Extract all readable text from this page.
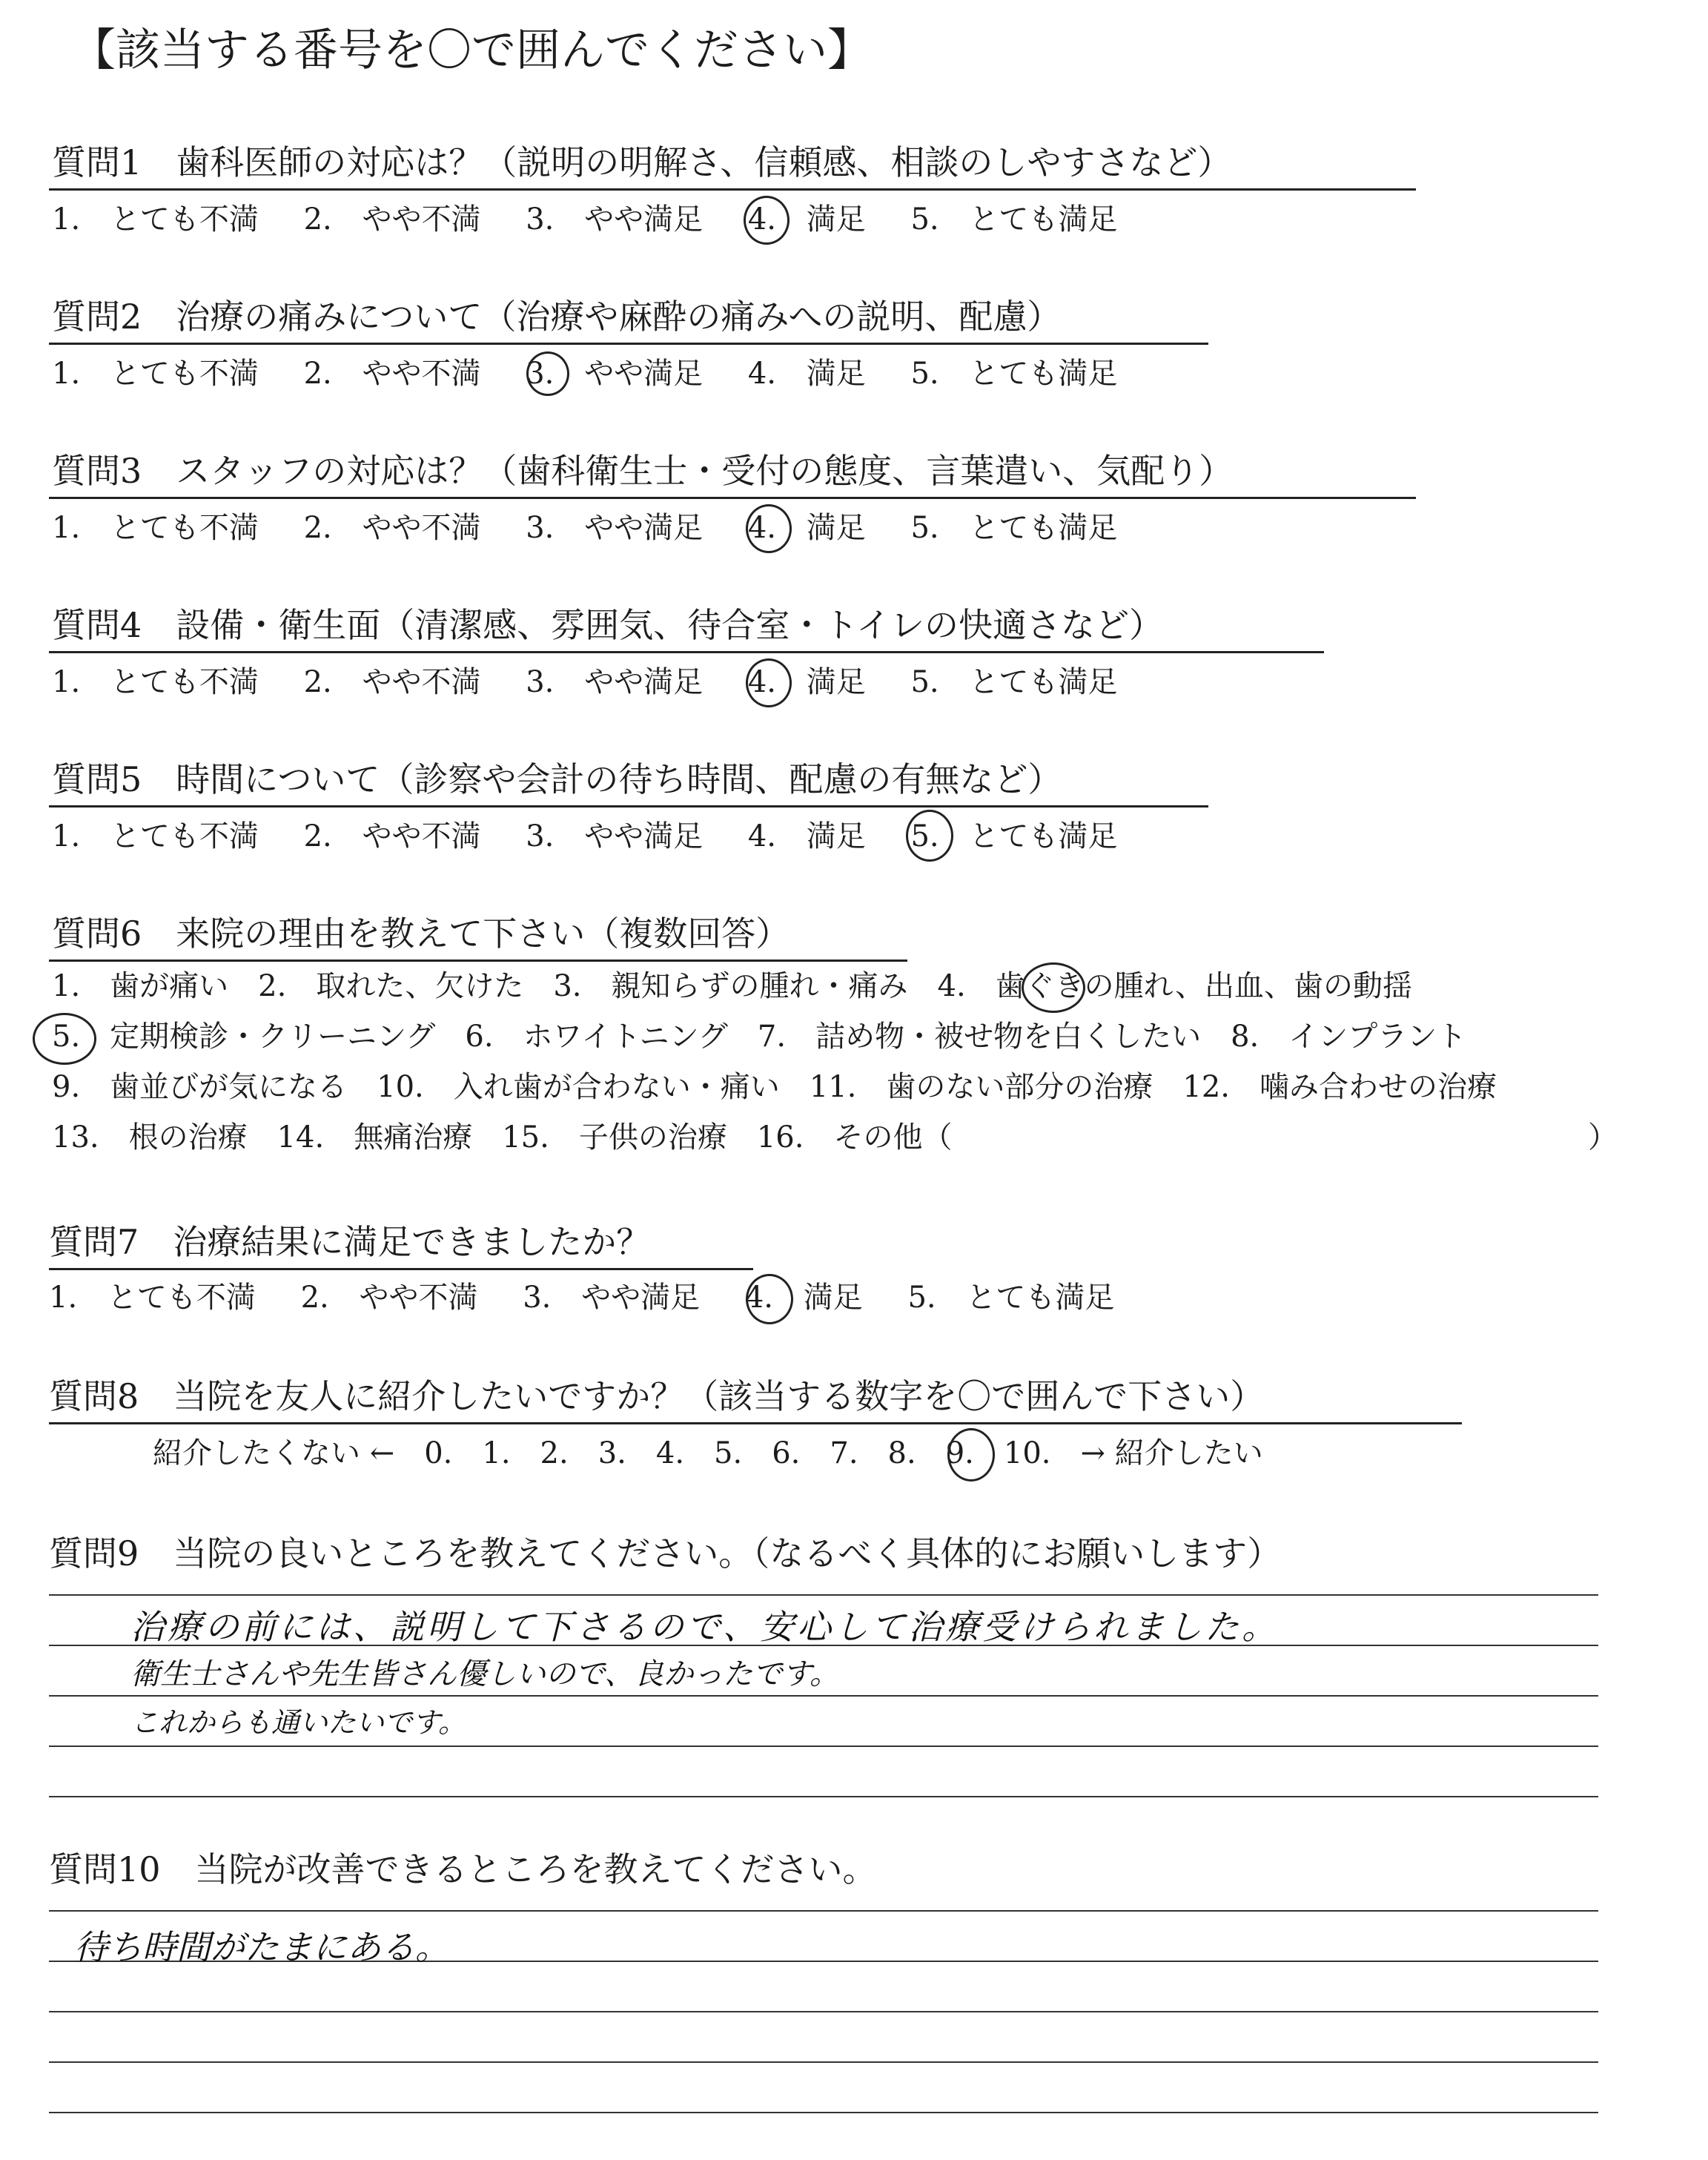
【該当する番号を〇で囲んでください】
質問1　歯科医師の対応は？（説明の明解さ、信頼感、相談のしやすさなど）
1. とても不満 2. やや不満 3. やや満足 4. 満足 5. とても満足
質問2　治療の痛みについて（治療や麻酔の痛みへの説明、配慮）
1. とても不満 2. やや不満 3. やや満足 4. 満足 5. とても満足
質問3　スタッフの対応は？（歯科衛生士・受付の態度、言葉遣い、気配り）
1. とても不満 2. やや不満 3. やや満足 4. 満足 5. とても満足
質問4　設備・衛生面（清潔感、雰囲気、待合室・トイレの快適さなど）
1. とても不満 2. やや不満 3. やや満足 4. 満足 5. とても満足
質問5　時間について（診察や会計の待ち時間、配慮の有無など）
1. とても不満 2. やや不満 3. やや満足 4. 満足 5. とても満足
質問6　来院の理由を教えて下さい（複数回答）
1.　歯が痛い　2.　取れた、欠けた　3.　親知らずの腫れ・痛み　4.　歯ぐきの腫れ、出血、歯の動揺
5.　定期検診・クリーニング　6.　ホワイトニング　7.　詰め物・被せ物を白くしたい　8.　インプラント
9.　歯並びが気になる　10.　入れ歯が合わない・痛い　11.　歯のない部分の治療　12.　噛み合わせの治療
13.　根の治療　14.　無痛治療　15.　子供の治療　16.　その他（	）
質問7　治療結果に満足できましたか？
1. とても不満 2. やや不満 3. やや満足 4. 満足 5. とても満足
質問8　当院を友人に紹介したいですか？（該当する数字を〇で囲んで下さい）
紹介したくない ←　0.　1.　2.　3.　4.　5.　6.　7.　8.　9.　10.　→ 紹介したい
質問9　当院の良いところを教えてください。（なるべく具体的にお願いします）
治療の前には、説明して下さるので、安心して治療受けられました。
衛生士さんや先生皆さん優しいので、良かったです。
これからも通いたいです。
質問10　当院が改善できるところを教えてください。
待ち時間がたまにある。
